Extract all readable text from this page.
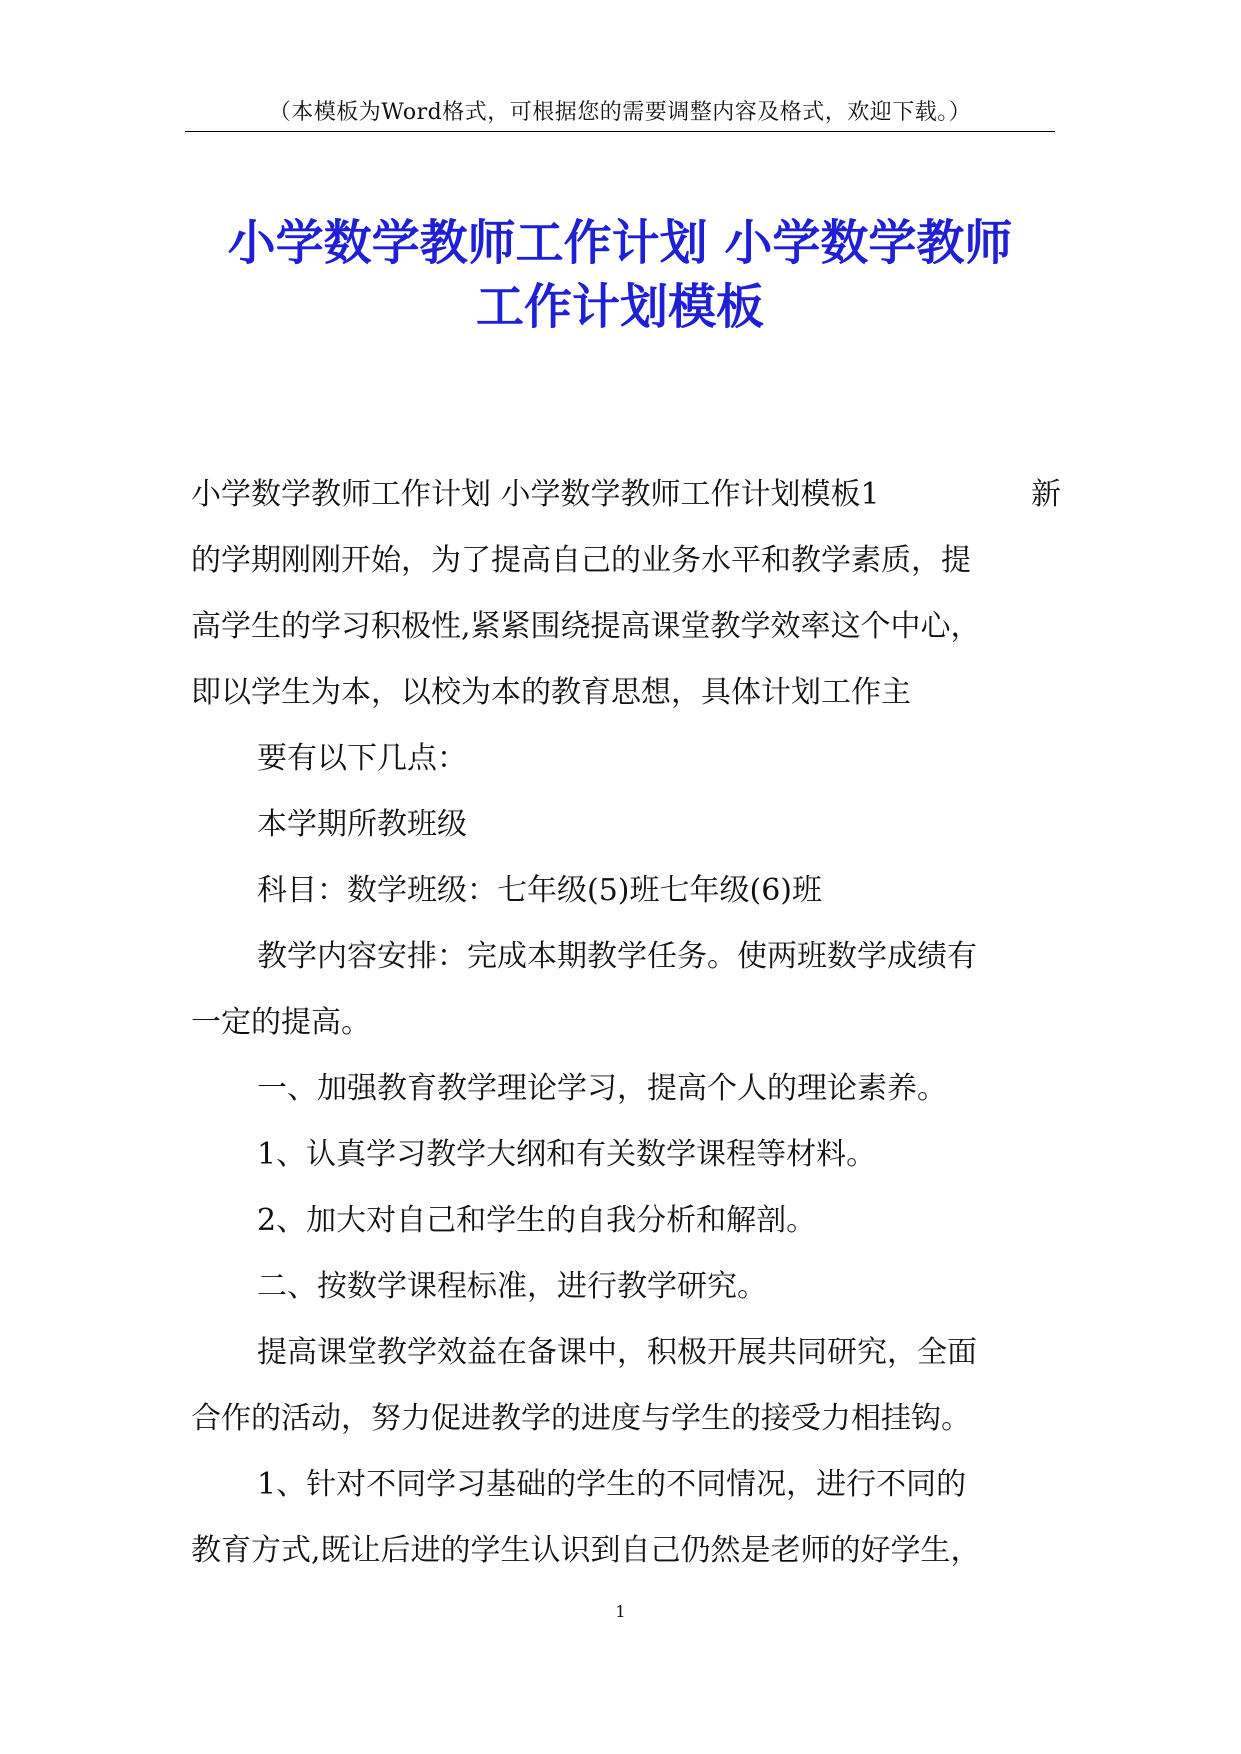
（本模板为Word格式，可根据您的需要调整内容及格式，欢迎下载。）
小学数学教师工作计划 小学数学教师
工作计划模板
小学数学教师工作计划 小学数学教师工作计划模板1	新
的学期刚刚开始，为了提高自己的业务水平和教学素质，提
高学生的学习积极性,紧紧围绕提高课堂教学效率这个中心，
即以学生为本，以校为本的教育思想，具体计划工作主
要有以下几点：
本学期所教班级
科目：数学班级：七年级(5)班七年级(6)班
教学内容安排：完成本期教学任务。使两班数学成绩有
一定的提高。
一、加强教育教学理论学习，提高个人的理论素养。
1、认真学习教学大纲和有关数学课程等材料。
2、加大对自己和学生的自我分析和解剖。
二、按数学课程标准，进行教学研究。
提高课堂教学效益在备课中，积极开展共同研究，全面
合作的活动，努力促进教学的进度与学生的接受力相挂钩。
1、针对不同学习基础的学生的不同情况，进行不同的
教育方式,既让后进的学生认识到自己仍然是老师的好学生，
1
